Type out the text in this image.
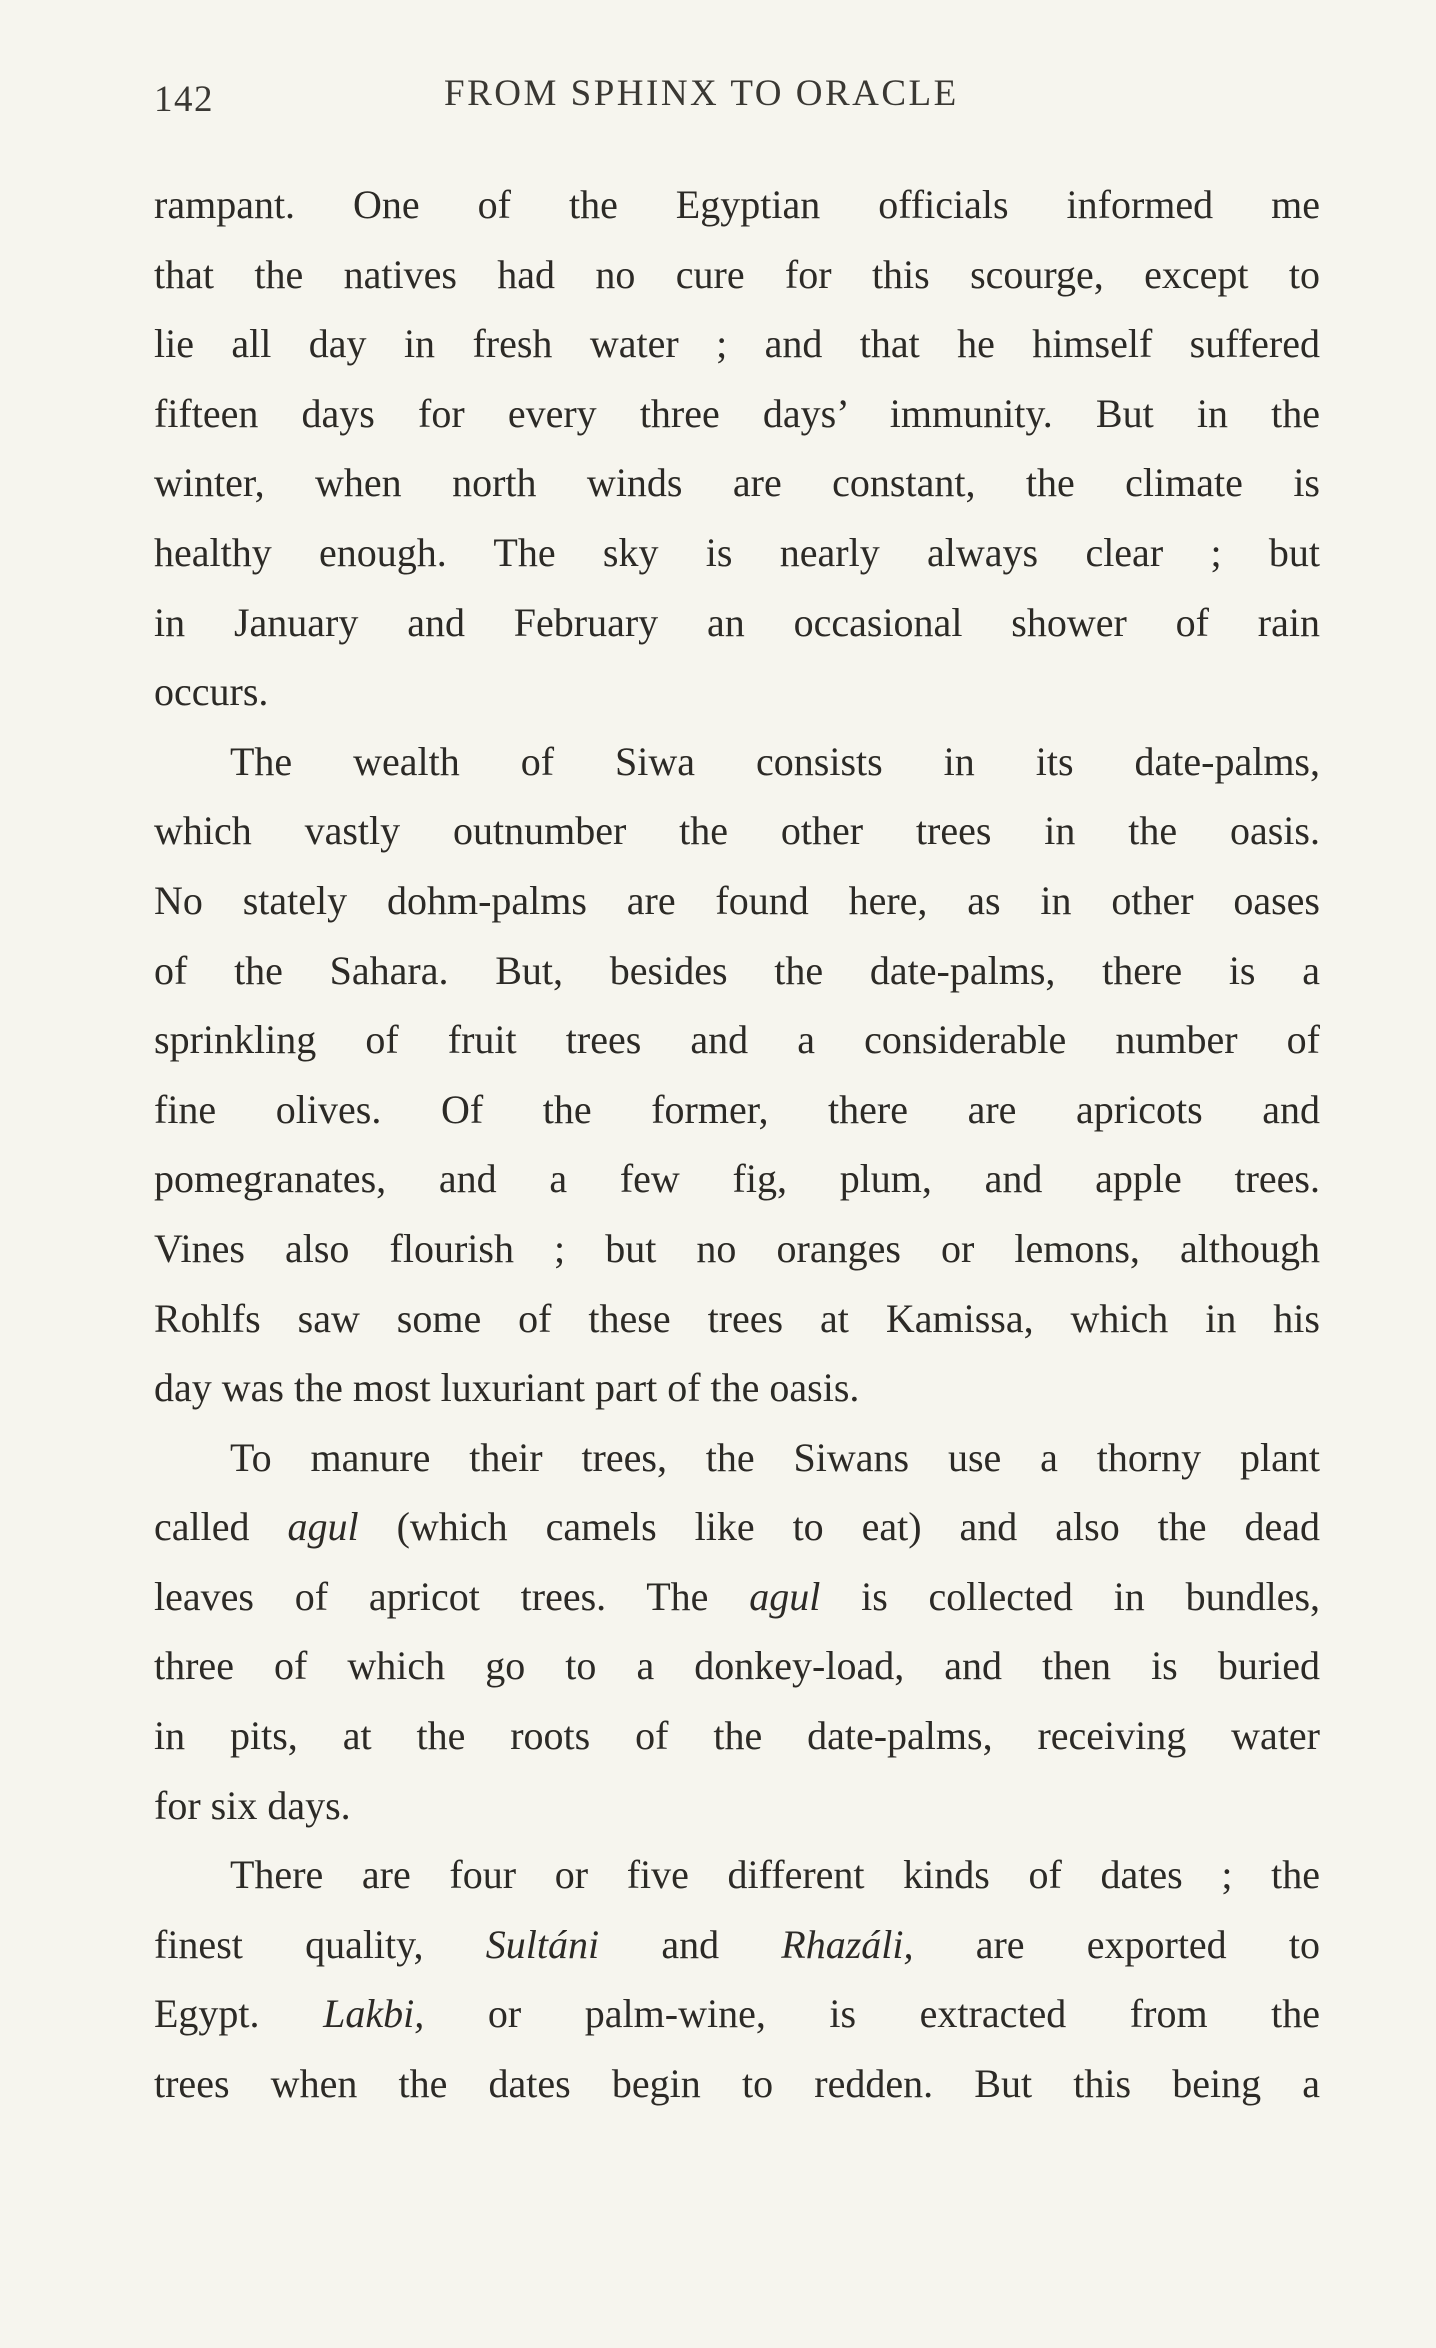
142	FROM SPHINX TO ORACLE
rampant. One of the Egyptian officials informed me
that the natives had no cure for this scourge, except to
lie all day in fresh water ; and that he himself suffered
fifteen days for every three days’ immunity. But in the
winter, when north winds are constant, the climate is
healthy enough. The sky is nearly always clear ; but
in January and February an occasional shower of rain
occurs.
The wealth of Siwa consists in its date-palms,
which vastly outnumber the other trees in the oasis.
No stately dohm-palms are found here, as in other oases
of the Sahara. But, besides the date-palms, there is a
sprinkling of fruit trees and a considerable number of
fine olives. Of the former, there are apricots and
pomegranates, and a few fig, plum, and apple trees.
Vines also flourish ; but no oranges or lemons, although
Rohlfs saw some of these trees at Kamissa, which in his
day was the most luxuriant part of the oasis.
To manure their trees, the Siwans use a thorny plant
called agul (which camels like to eat) and also the dead
leaves of apricot trees. The agul is collected in bundles,
three of which go to a donkey-load, and then is buried
in pits, at the roots of the date-palms, receiving water
for six days.
There are four or five different kinds of dates ; the
finest quality, Sultáni and Rhazáli, are exported to
Egypt. Lakbi, or palm-wine, is extracted from the
trees when the dates begin to redden. But this being a
